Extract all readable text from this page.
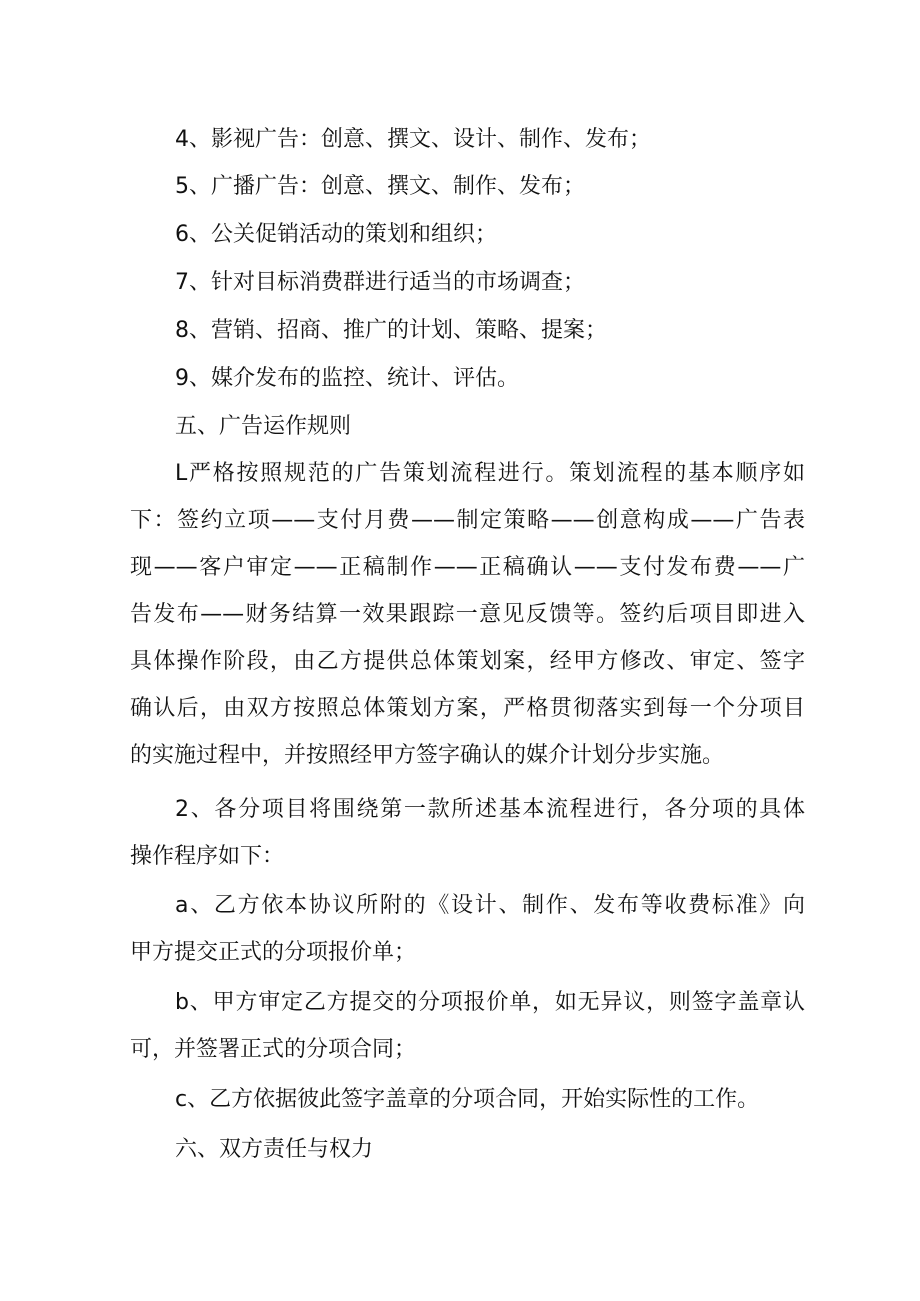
4、影视广告：创意、撰文、设计、制作、发布；
5、广播广告：创意、撰文、制作、发布；
6、公关促销活动的策划和组织；
7、针对目标消费群进行适当的市场调查；
8、营销、招商、推广的计划、策略、提案；
9、媒介发布的监控、统计、评估。
五、广告运作规则
L严格按照规范的广告策划流程进行。策划流程的基本顺序如
下：签约立项——支付月费——制定策略——创意构成——广告表
现——客户审定——正稿制作——正稿确认——支付发布费——广
告发布——财务结算一效果跟踪一意见反馈等。签约后项目即进入
具体操作阶段，由乙方提供总体策划案，经甲方修改、审定、签字
确认后，由双方按照总体策划方案，严格贯彻落实到每一个分项目
的实施过程中，并按照经甲方签字确认的媒介计划分步实施。
2、各分项目将围绕第一款所述基本流程进行，各分项的具体
操作程序如下：
a、乙方依本协议所附的《设计、制作、发布等收费标准》向
甲方提交正式的分项报价单；
b、甲方审定乙方提交的分项报价单，如无异议，则签字盖章认
可，并签署正式的分项合同；
c、乙方依据彼此签字盖章的分项合同，开始实际性的工作。
六、双方责任与权力
